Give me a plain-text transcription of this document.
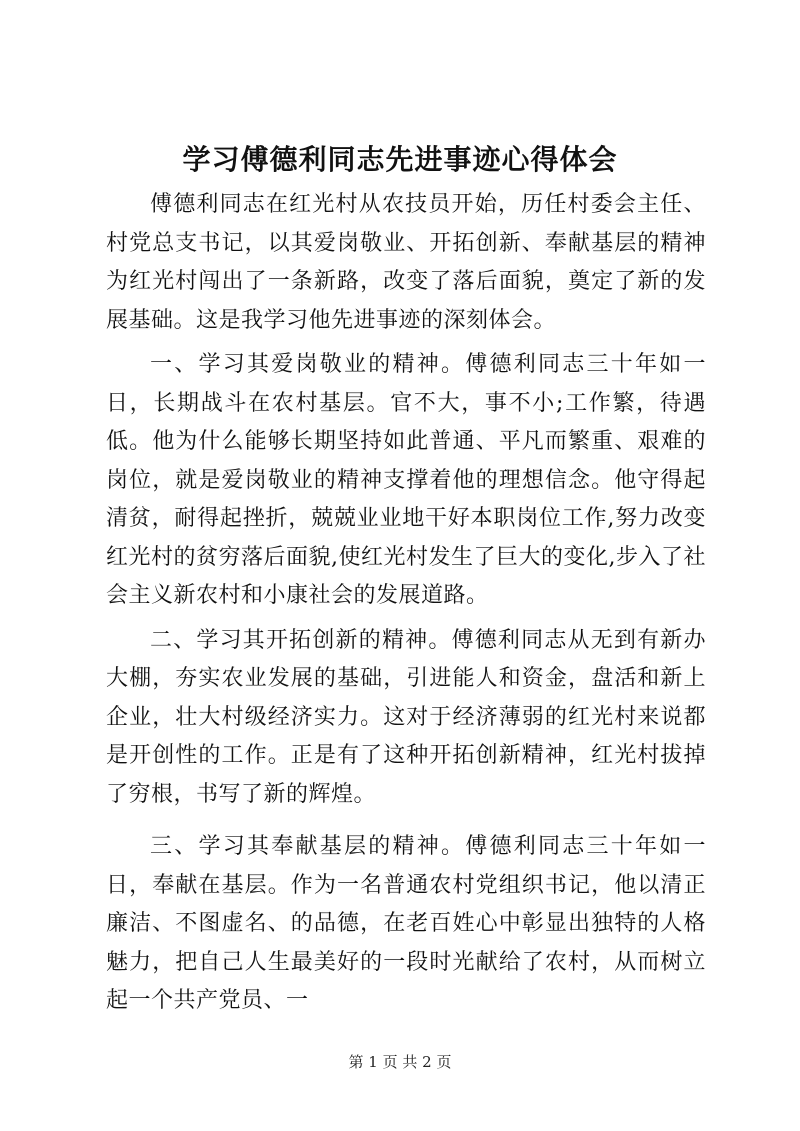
学习傅德利同志先进事迹心得体会

傅德利同志在红光村从农技员开始，历任村委会主任、村党总支书记，以其爱岗敬业、开拓创新、奉献基层的精神为红光村闯出了一条新路，改变了落后面貌，奠定了新的发展基础。这是我学习他先进事迹的深刻体会。

一、学习其爱岗敬业的精神。傅德利同志三十年如一日，长期战斗在农村基层。官不大，事不小;工作繁，待遇低。他为什么能够长期坚持如此普通、平凡而繁重、艰难的岗位，就是爱岗敬业的精神支撑着他的理想信念。他守得起清贫，耐得起挫折，兢兢业业地干好本职岗位工作,努力改变红光村的贫穷落后面貌,使红光村发生了巨大的变化,步入了社会主义新农村和小康社会的发展道路。

二、学习其开拓创新的精神。傅德利同志从无到有新办大棚，夯实农业发展的基础，引进能人和资金，盘活和新上企业，壮大村级经济实力。这对于经济薄弱的红光村来说都是开创性的工作。正是有了这种开拓创新精神，红光村拔掉了穷根，书写了新的辉煌。

三、学习其奉献基层的精神。傅德利同志三十年如一日，奉献在基层。作为一名普通农村党组织书记，他以清正廉洁、不图虚名、的品德，在老百姓心中彰显出独特的人格魅力，把自己人生最美好的一段时光献给了农村，从而树立起一个共产党员、一

第 1 页 共 2 页
